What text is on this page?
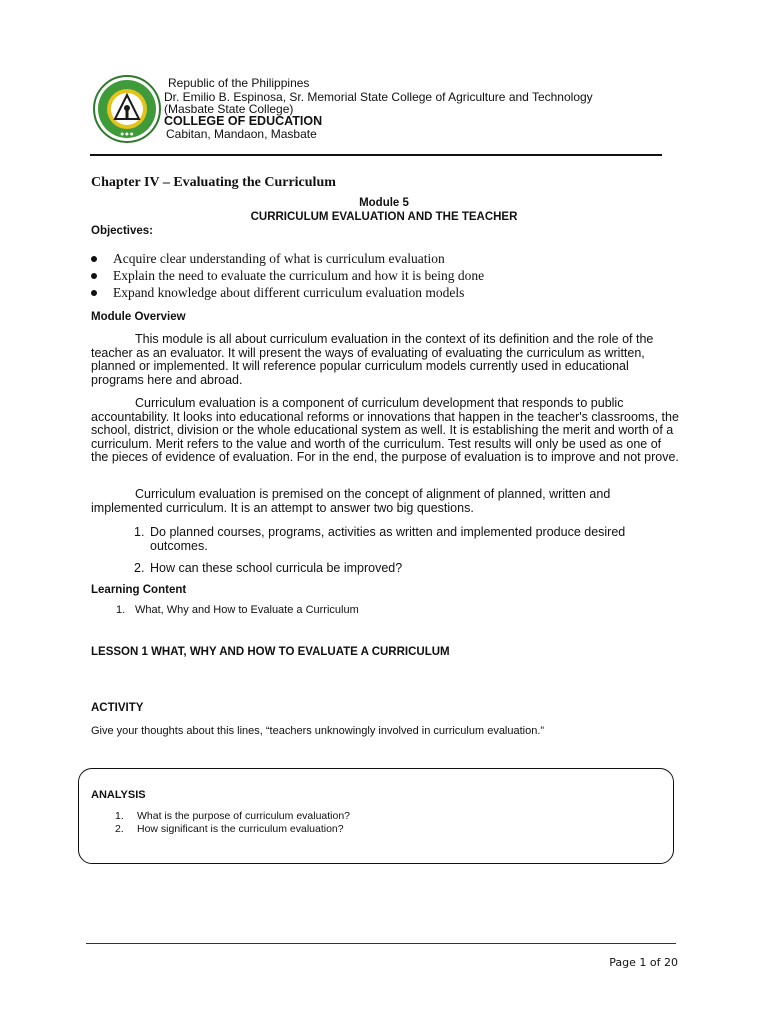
● ● ●
Republic of the Philippines
Dr. Emilio B. Espinosa, Sr. Memorial State College of Agriculture and Technology
(Masbate State College)
COLLEGE OF EDUCATION
Cabitan, Mandaon, Masbate
Chapter IV – Evaluating the Curriculum
Module 5
CURRICULUM EVALUATION AND THE TEACHER
Objectives:
Acquire clear understanding of what is curriculum evaluation
Explain the need to evaluate the curriculum and how it is being done
Expand knowledge about different curriculum evaluation models
Module Overview

This module is all about curriculum evaluation in the context of its definition and the role of the teacher as an evaluator. It will present the ways of evaluating of evaluating the curriculum as written, planned or implemented. It will reference popular curriculum models currently used in educational programs here and abroad.

Curriculum evaluation is a component of curriculum development that responds to public accountability. It looks into educational reforms or innovations that happen in the teacher's classrooms, the school, district, division or the whole educational system as well. It is establishing the merit and worth of a curriculum. Merit refers to the value and worth of the curriculum. Test results will only be used as one of the pieces of evidence of evaluation. For in the end, the purpose of evaluation is to improve and not prove.

Curriculum evaluation is premised on the concept of alignment of planned, written and implemented curriculum. It is an attempt to answer two big questions.

1. Do planned courses, programs, activities as written and implemented produce desired outcomes.
2. How can these school curricula be improved?
Learning Content
1. What, Why and How to Evaluate a Curriculum
LESSON 1 WHAT, WHY AND HOW TO EVALUATE A CURRICULUM
ACTIVITY
Give your thoughts about this lines, “teachers unknowingly involved in curriculum evaluation.”
ANALYSIS
1. What is the purpose of curriculum evaluation?
2. How significant is the curriculum evaluation?
Page 1 of 20
